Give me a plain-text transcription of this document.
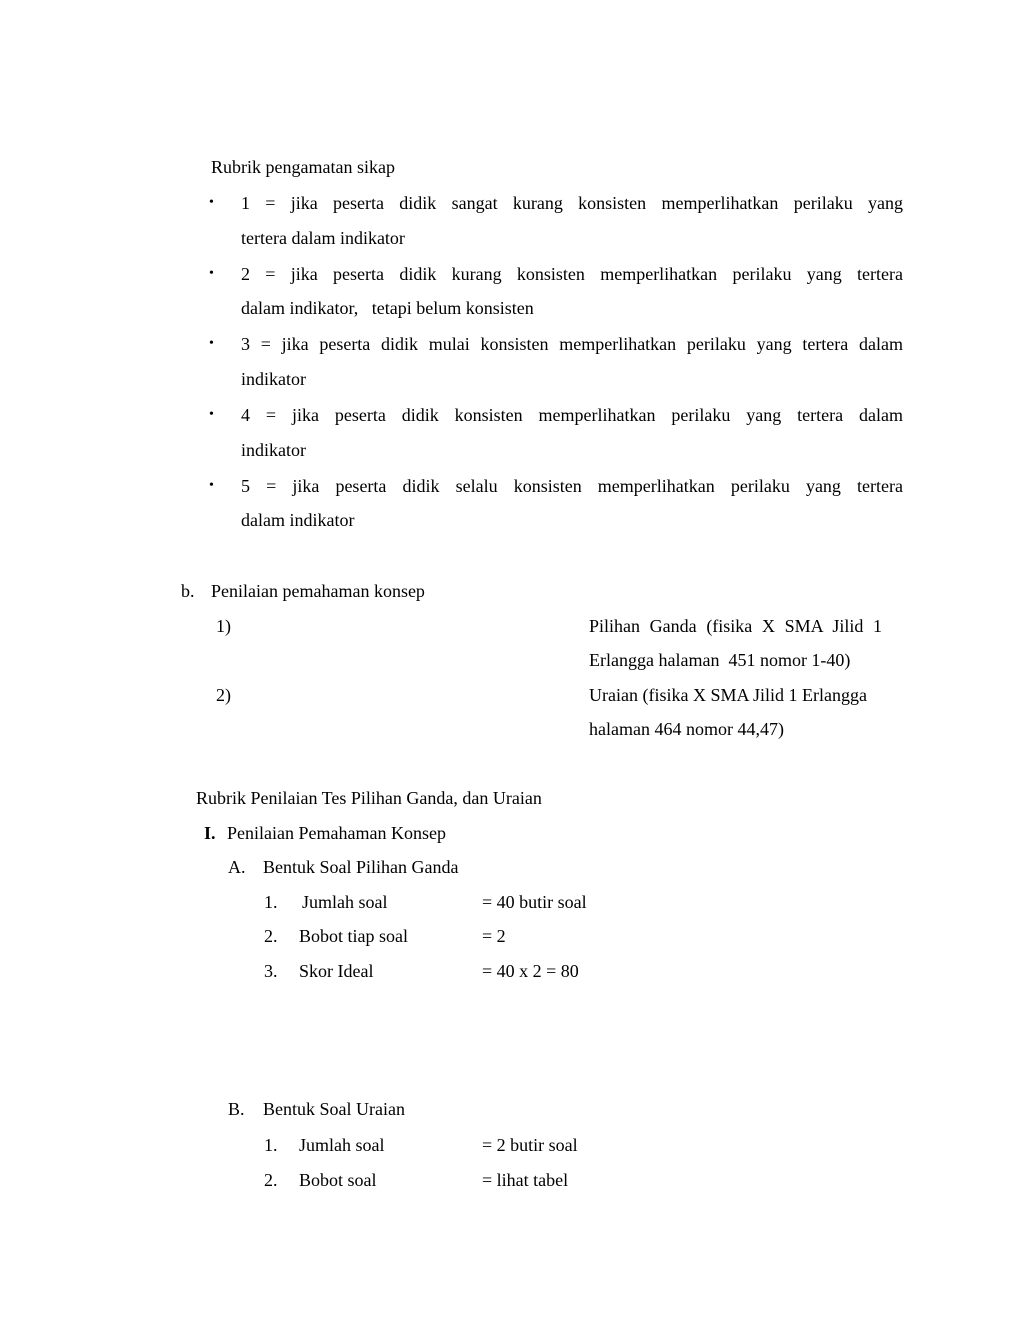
Rubrik pengamatan sikap
• 1 = jika peserta didik sangat kurang konsisten memperlihatkan perilaku yang
tertera dalam indikator
• 2 = jika peserta didik kurang konsisten memperlihatkan perilaku yang tertera
dalam indikator,   tetapi belum konsisten
• 3 = jika peserta didik mulai konsisten memperlihatkan perilaku yang tertera dalam
indikator
• 4 = jika peserta didik konsisten memperlihatkan perilaku yang tertera dalam
indikator
• 5 = jika peserta didik selalu konsisten memperlihatkan perilaku yang tertera
dalam indikator
b. Penilaian pemahaman konsep
1)	Pilihan Ganda (fisika X SMA Jilid 1
Erlangga halaman  451 nomor 1-40)
2)	Uraian (fisika X SMA Jilid 1 Erlangga
halaman 464 nomor 44,47)
Rubrik Penilaian Tes Pilihan Ganda, dan Uraian
I. Penilaian Pemahaman Konsep
A. Bentuk Soal Pilihan Ganda
1. Jumlah soal	= 40 butir soal
2. Bobot tiap soal	= 2
3. Skor Ideal	= 40 x 2 = 80
B. Bentuk Soal Uraian
1. Jumlah soal	= 2 butir soal
2. Bobot soal	= lihat tabel
